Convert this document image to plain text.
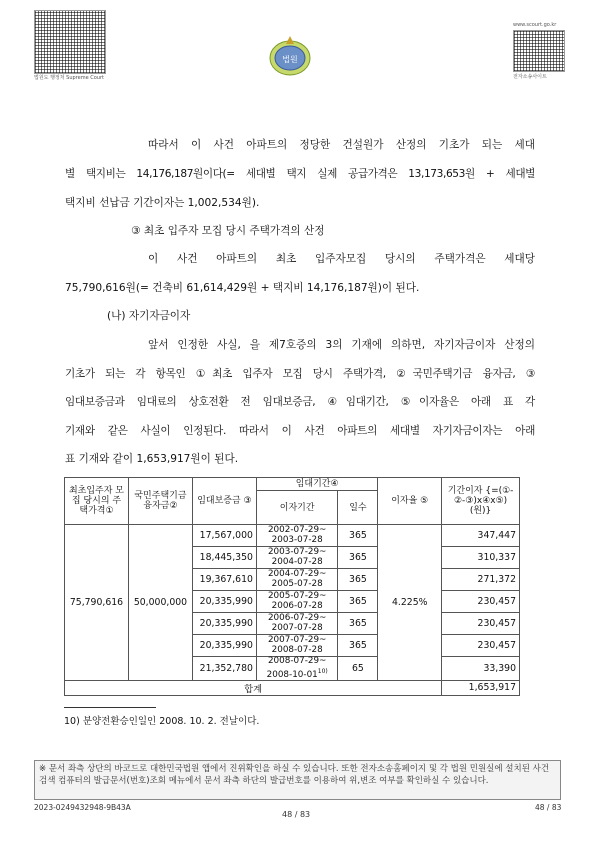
법원도 행정처 Supreme Court
www.scourt.go.kr
전자소송사이트
법원
따라서 이 사건 아파트의 정당한 건설원가 산정의 기초가 되는 세대
별 택지비는 14,176,187원이다(= 세대별 택지 실제 공급가격은 13,173,653원 + 세대별
택지비 선납금 기간이자는 1,002,534원).
③ 최초 입주자 모집 당시 주택가격의 산정
이 사건 아파트의 최초 입주자모집 당시의 주택가격은 세대당
75,790,616원(= 건축비 61,614,429원 + 택지비 14,176,187원)이 된다.
(나) 자기자금이자
앞서 인정한 사실, 을 제7호증의 3의 기재에 의하면, 자기자금이자 산정의
기초가 되는 각 항목인 ①최초 입주자 모집 당시 주택가격, ②국민주택기금 융자금, ③
임대보증금과 임대료의 상호전환 전 임대보증금, ④임대기간, ⑤이자율은 아래 표 각
기재와 같은 사실이 인정된다. 따라서 이 사건 아파트의 세대별 자기자금이자는 아래
표 기재와 같이 1,653,917원이 된다.
최초입주자 모집 당시의 주택가격①	국민주택기금융자금②	임대보증금 ③	임대기간④		이자율 ⑤	기간이자 {=(①-②-③)x④x⑤)(원)}
			이자기간	일수		
75,790,616	50,000,000	17,567,000	2002-07-29~
2003-07-28	365	4.225%	347,447
		18,445,350	2003-07-29~
2004-07-28	365		310,337
		19,367,610	2004-07-29~
2005-07-28	365		271,372
		20,335,990	2005-07-29~
2006-07-28	365		230,457
		20,335,990	2006-07-29~
2007-07-28	365		230,457
		20,335,990	2007-07-29~
2008-07-28	365		230,457
		21,352,780	2008-07-29~
2008-10-01$^{10)}$	65		33,390
합계						1,653,917
10) 분양전환승인일인 2008. 10. 2. 전날이다.
※ 문서 좌측 상단의 바코드로 대한민국법원 앱에서 진위확인을 하실 수 있습니다. 또한 전자소송홈페이지 및 각 법원 민원실에 설치된 사건검색 컴퓨터의 발급문서(번호)조회 메뉴에서 문서 좌측 하단의 발급번호를 이용하여 위,변조 여부를 확인하실 수 있습니다.
2023-0249432948-9B43A
48 / 83
48 / 83
